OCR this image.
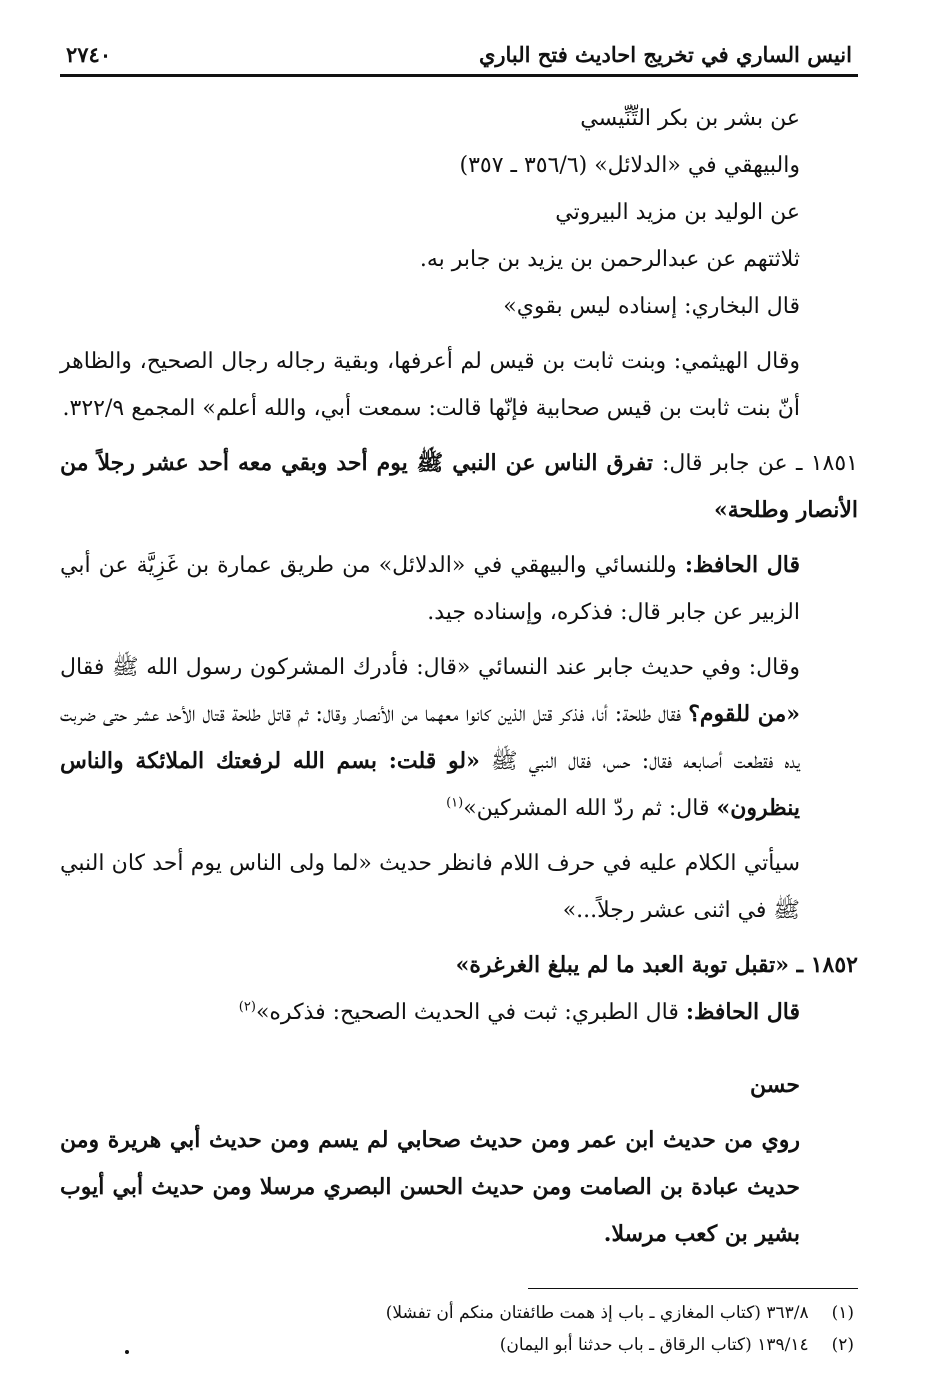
انيس الساري في تخريج احاديث فتح الباري
٢٧٤٠

عن بشر بن بكر التِّنِّيسي

والبيهقي في «الدلائل» (٣٥٦/٦ ـ ٣٥٧)

عن الوليد بن مزيد البيروتي

ثلاثتهم عن عبدالرحمن بن يزيد بن جابر به.

قال البخاري: إسناده ليس بقوي»

وقال الهيثمي: وبنت ثابت بن قيس لم أعرفها، وبقية رجاله رجال الصحيح، والظاهر أنّ بنت ثابت بن قيس صحابية فإنّها قالت: سمعت أبي، والله أعلم» المجمع ٣٢٢/٩.

١٨٥١ ـ عن جابر قال: تفرق الناس عن النبي ﷺ يوم أحد وبقي معه أحد عشر رجلاً من الأنصار وطلحة»

قال الحافظ: وللنسائي والبيهقي في «الدلائل» من طريق عمارة بن غَزِيَّة عن أبي الزبير عن جابر قال: فذكره، وإسناده جيد.

وقال: وفي حديث جابر عند النسائي «قال: فأدرك المشركون رسول الله ﷺ فقال «من للقوم؟ فقال طلحة: أنا، فذكر قتل الذين كانوا معهما من الأنصار وقال: ثم قاتل طلحة قتال الأحد عشر حتى ضربت يده فقطعت أصابعه فقال: حس، فقال النبي ﷺ «لو قلت: بسم الله لرفعتك الملائكة والناس ينظرون» قال: ثم ردّ الله المشركين»$^{(١)}$

سيأتي الكلام عليه في حرف اللام فانظر حديث «لما ولى الناس يوم أحد كان النبي ﷺ في اثنى عشر رجلاً...»

١٨٥٢ ـ «تقبل توبة العبد ما لم يبلغ الغرغرة»

قال الحافظ: قال الطبري: ثبت في الحديث الصحيح: فذكره»$^{(٢)}$

حسن

روي من حديث ابن عمر ومن حديث صحابي لم يسم ومن حديث أبي هريرة ومن حديث عبادة بن الصامت ومن حديث الحسن البصري مرسلا ومن حديث أبي أيوب بشير بن كعب مرسلا.

(١) ٣٦٣/٨ (كتاب المغازي ـ باب إذ همت طائفتان منكم أن تفشلا)
(٢) ١٣٩/١٤ (كتاب الرقاق ـ باب حدثنا أبو اليمان)
